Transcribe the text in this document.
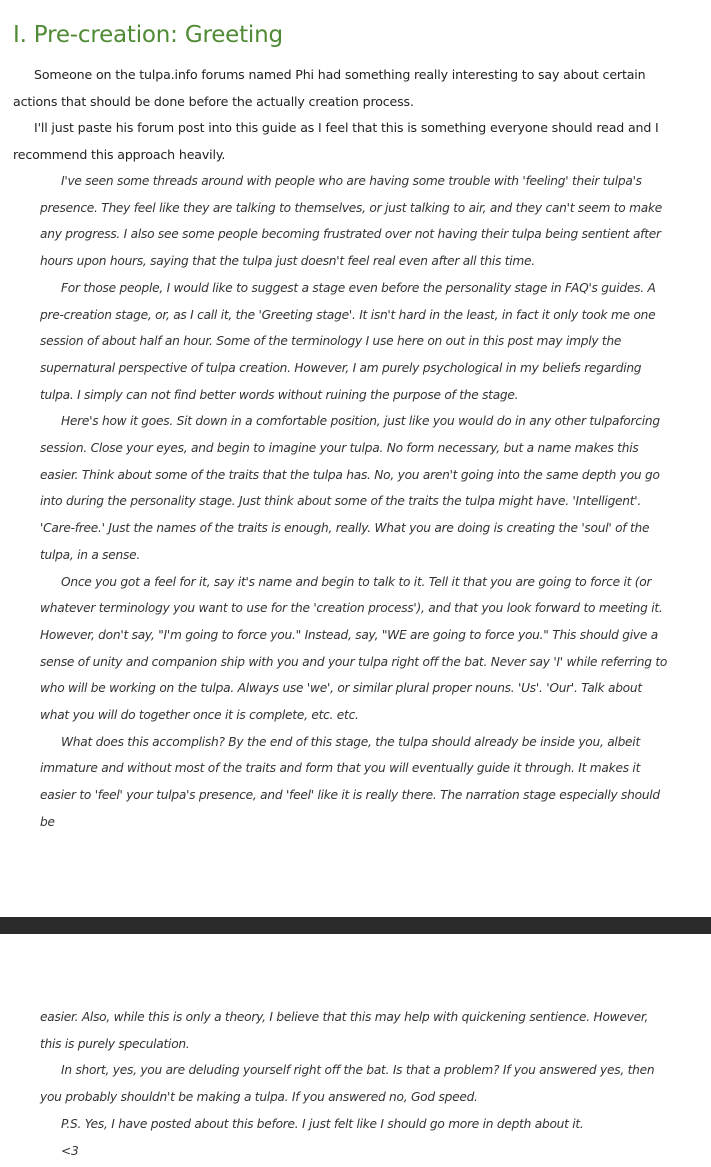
I. Pre-creation: Greeting

Someone on the tulpa.info forums named Phi had something really interesting to say about certain actions that should be done before the actually creation process.

I'll just paste his forum post into this guide as I feel that this is something everyone should read and I recommend this approach heavily.

I've seen some threads around with people who are having some trouble with 'feeling' their tulpa's presence. They feel like they are talking to themselves, or just talking to air, and they can't seem to make any progress. I also see some people becoming frustrated over not having their tulpa being sentient after hours upon hours, saying that the tulpa just doesn't feel real even after all this time.

For those people, I would like to suggest a stage even before the personality stage in FAQ's guides. A pre-creation stage, or, as I call it, the 'Greeting stage'. It isn't hard in the least, in fact it only took me one session of about half an hour. Some of the terminology I use here on out in this post may imply the supernatural perspective of tulpa creation. However, I am purely psychological in my beliefs regarding tulpa. I simply can not find better words without ruining the purpose of the stage.

Here's how it goes. Sit down in a comfortable position, just like you would do in any other tulpaforcing session. Close your eyes, and begin to imagine your tulpa. No form necessary, but a name makes this easier. Think about some of the traits that the tulpa has. No, you aren't going into the same depth you go into during the personality stage. Just think about some of the traits the tulpa might have. 'Intelligent'. 'Care-free.' Just the names of the traits is enough, really. What you are doing is creating the 'soul' of the tulpa, in a sense.

Once you got a feel for it, say it's name and begin to talk to it. Tell it that you are going to force it (or whatever terminology you want to use for the 'creation process'), and that you look forward to meeting it. However, don't say, "I'm going to force you." Instead, say, "WE are going to force you." This should give a sense of unity and companion ship with you and your tulpa right off the bat. Never say 'I' while referring to who will be working on the tulpa. Always use 'we', or similar plural proper nouns. 'Us'. 'Our'. Talk about what you will do together once it is complete, etc. etc.

What does this accomplish? By the end of this stage, the tulpa should already be inside you, albeit immature and without most of the traits and form that you will eventually guide it through. It makes it easier to 'feel' your tulpa's presence, and 'feel' like it is really there. The narration stage especially should be

easier. Also, while this is only a theory, I believe that this may help with quickening sentience. However, this is purely speculation.

In short, yes, you are deluding yourself right off the bat. Is that a problem? If you answered yes, then you probably shouldn't be making a tulpa. If you answered no, God speed.

P.S. Yes, I have posted about this before. I just felt like I should go more in depth about it.

<3
